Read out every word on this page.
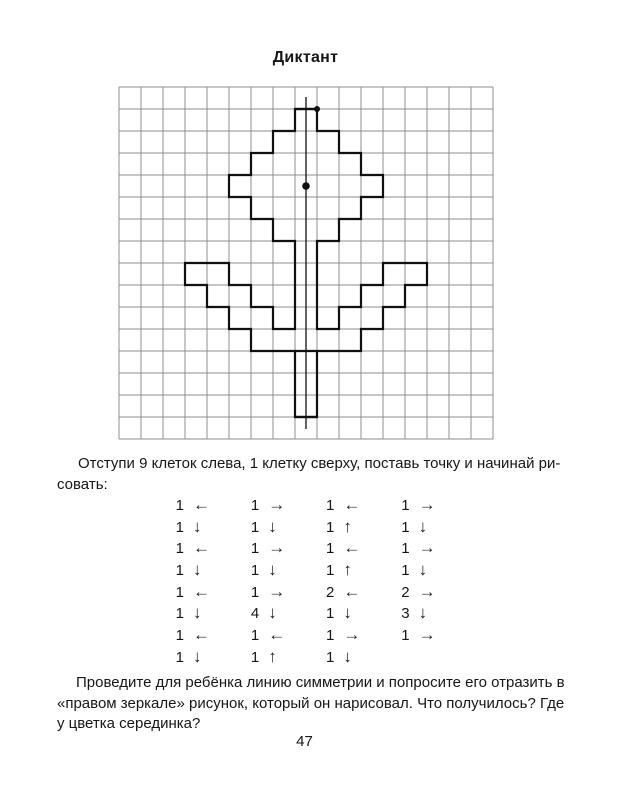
Диктант
Отступи 9 клеток слева, 1 клетку сверху, поставь точку и начинай ри-
совать:
1 ←	1 →	1 ←	1 →
1 ↓	1 ↓	1 ↑	1 ↓
1 ←	1 →	1 ←	1 →
1 ↓	1 ↓	1 ↑	1 ↓
1 ←	1 →	2 ←	2 →
1 ↓	4 ↓	1 ↓	3 ↓
1 ←	1 ←	1 →	1 →
1 ↓	1 ↑	1 ↓
Проведите для ребёнка линию симметрии и попросите его отразить в
«правом зеркале» рисунок, который он нарисовал. Что получилось? Где
у цветка серединка?
47
